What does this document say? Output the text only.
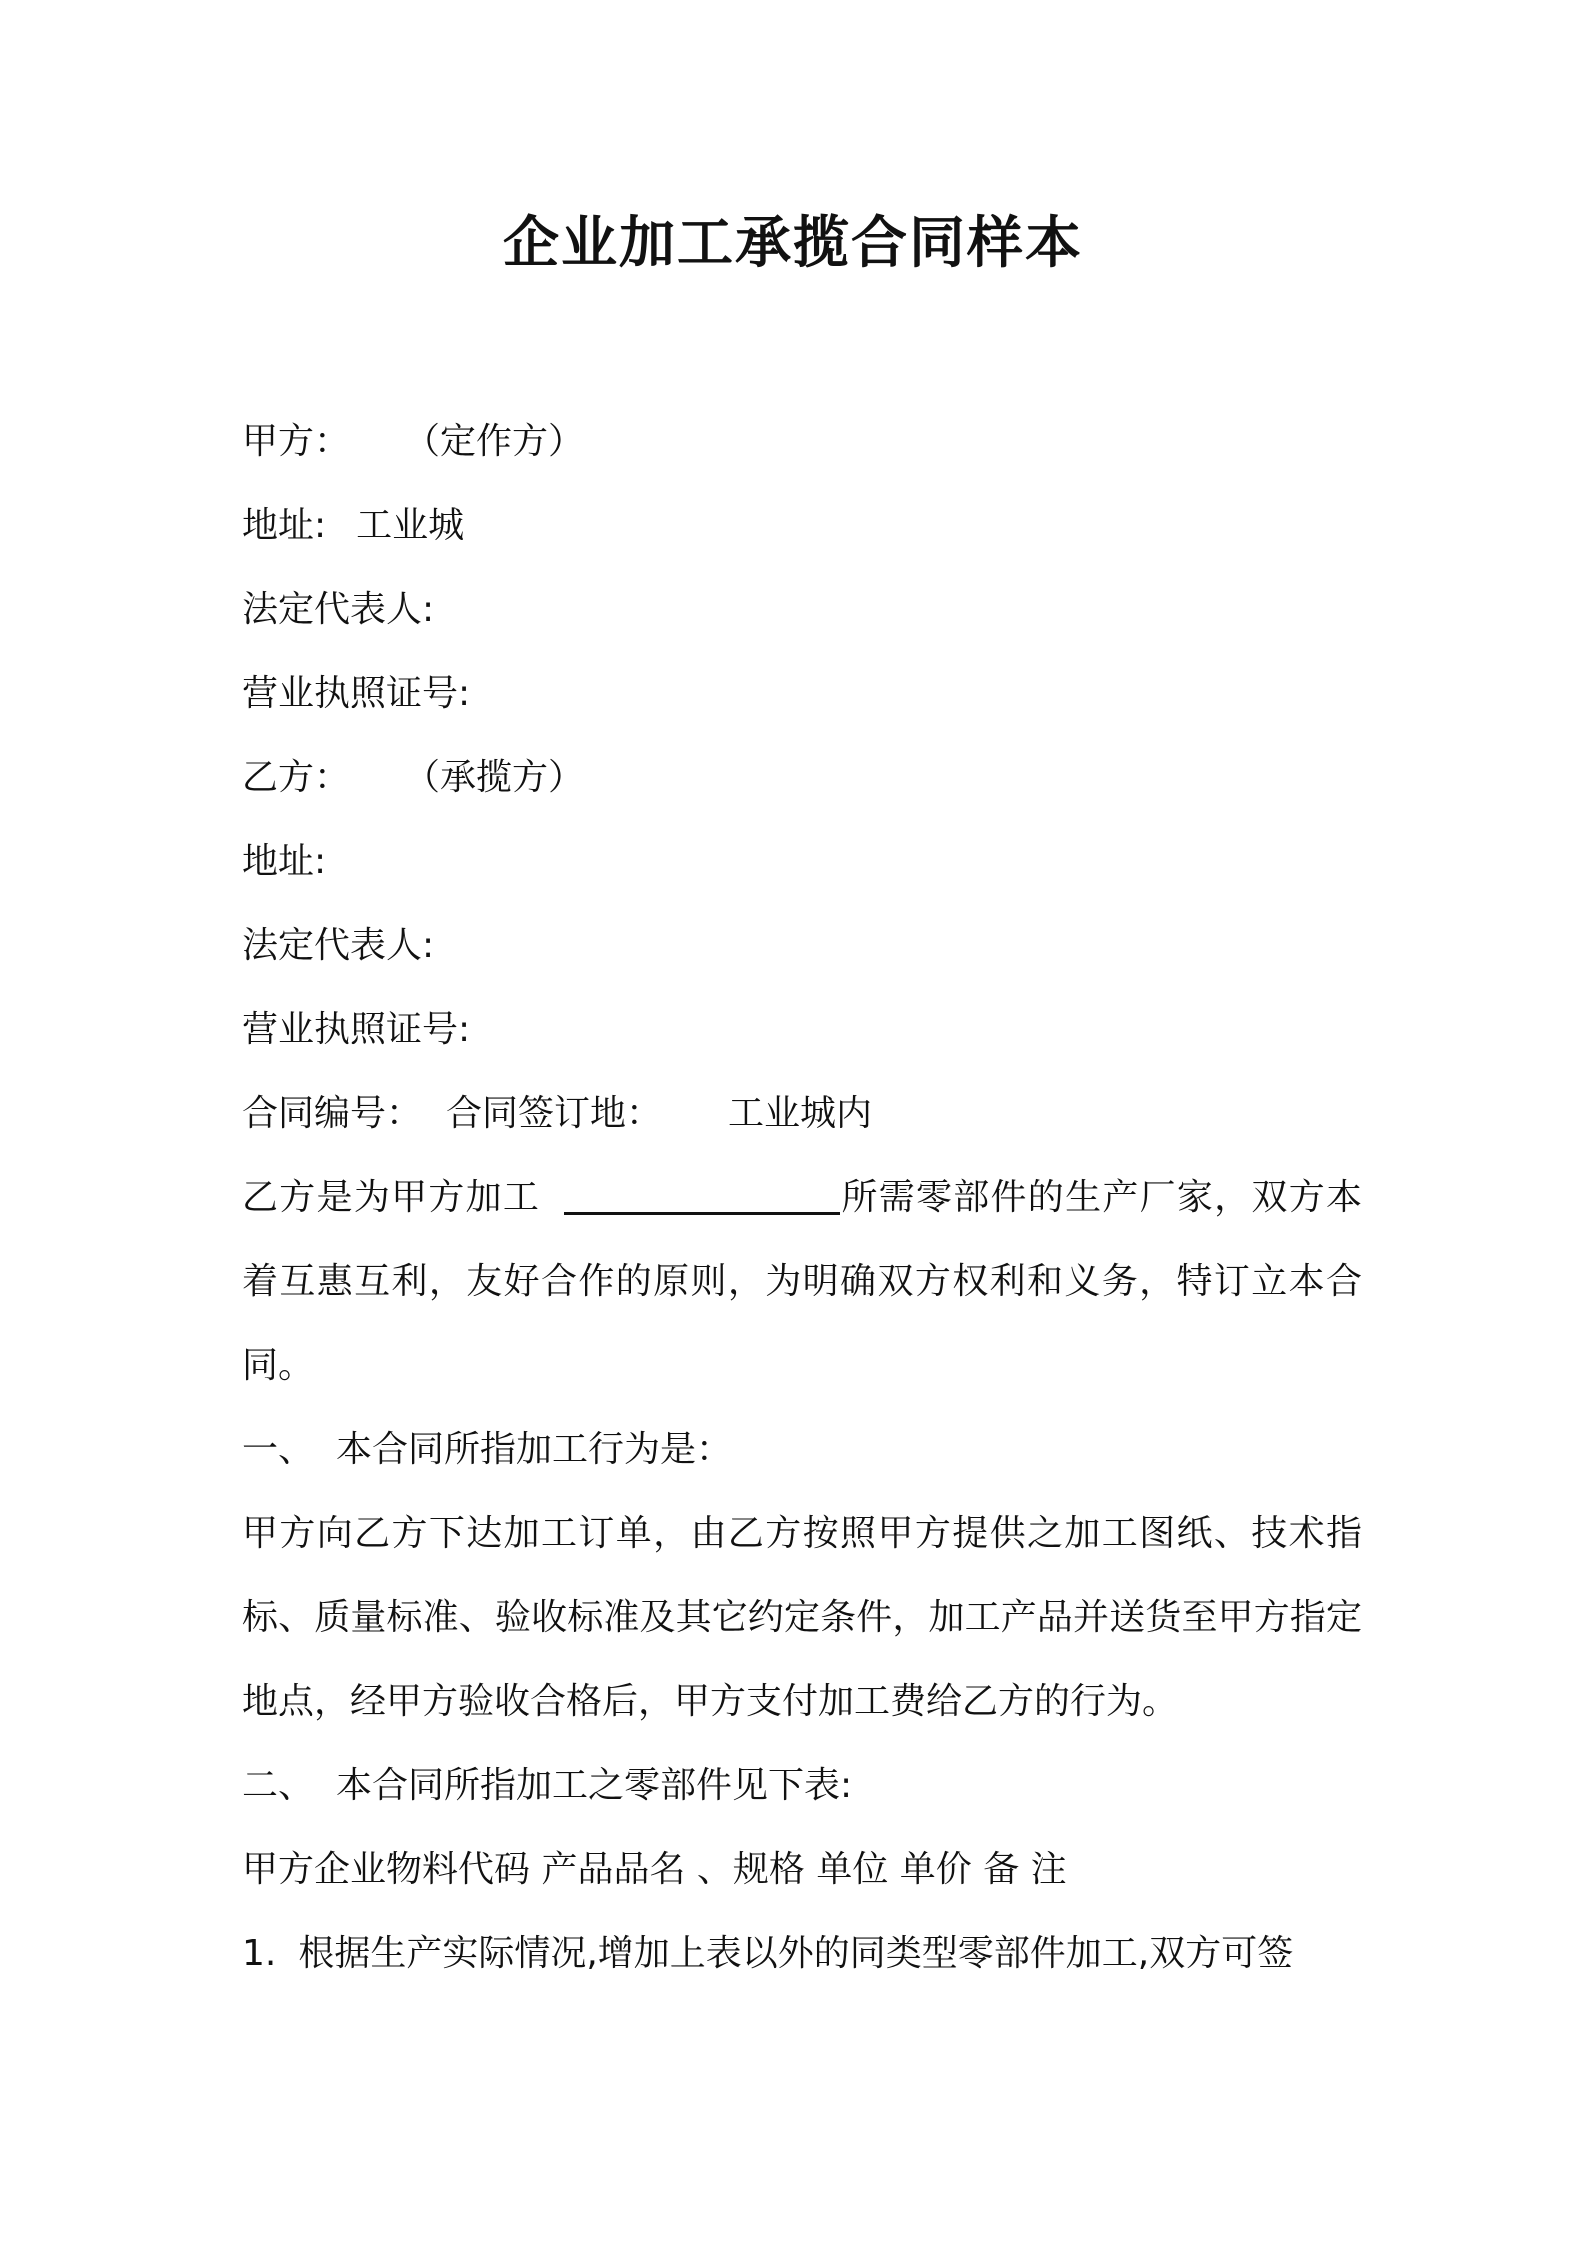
企业加工承揽合同样本
甲方： （定作方）
地址: 工业城
法定代表人:
营业执照证号:
乙方： （承揽方）
地址:
法定代表人:
营业执照证号:
合同编号： 合同签订地： 工业城内
乙方是为甲方加工	所需零部件的生产厂家，双方本着互惠互利，友好合作的原则，为明确双方权利和义务，特订立本合同。
一、 本合同所指加工行为是：
甲方向乙方下达加工订单，由乙方按照甲方提供之加工图纸、技术指标、质量标准、验收标准及其它约定条件，加工产品并送货至甲方指定地点，经甲方验收合格后，甲方支付加工费给乙方的行为。
二、 本合同所指加工之零部件见下表:
甲方企业物料代码 产品品名 、规格 单位 单价 备 注
1. 根据生产实际情况,增加上表以外的同类型零部件加工,双方可签
